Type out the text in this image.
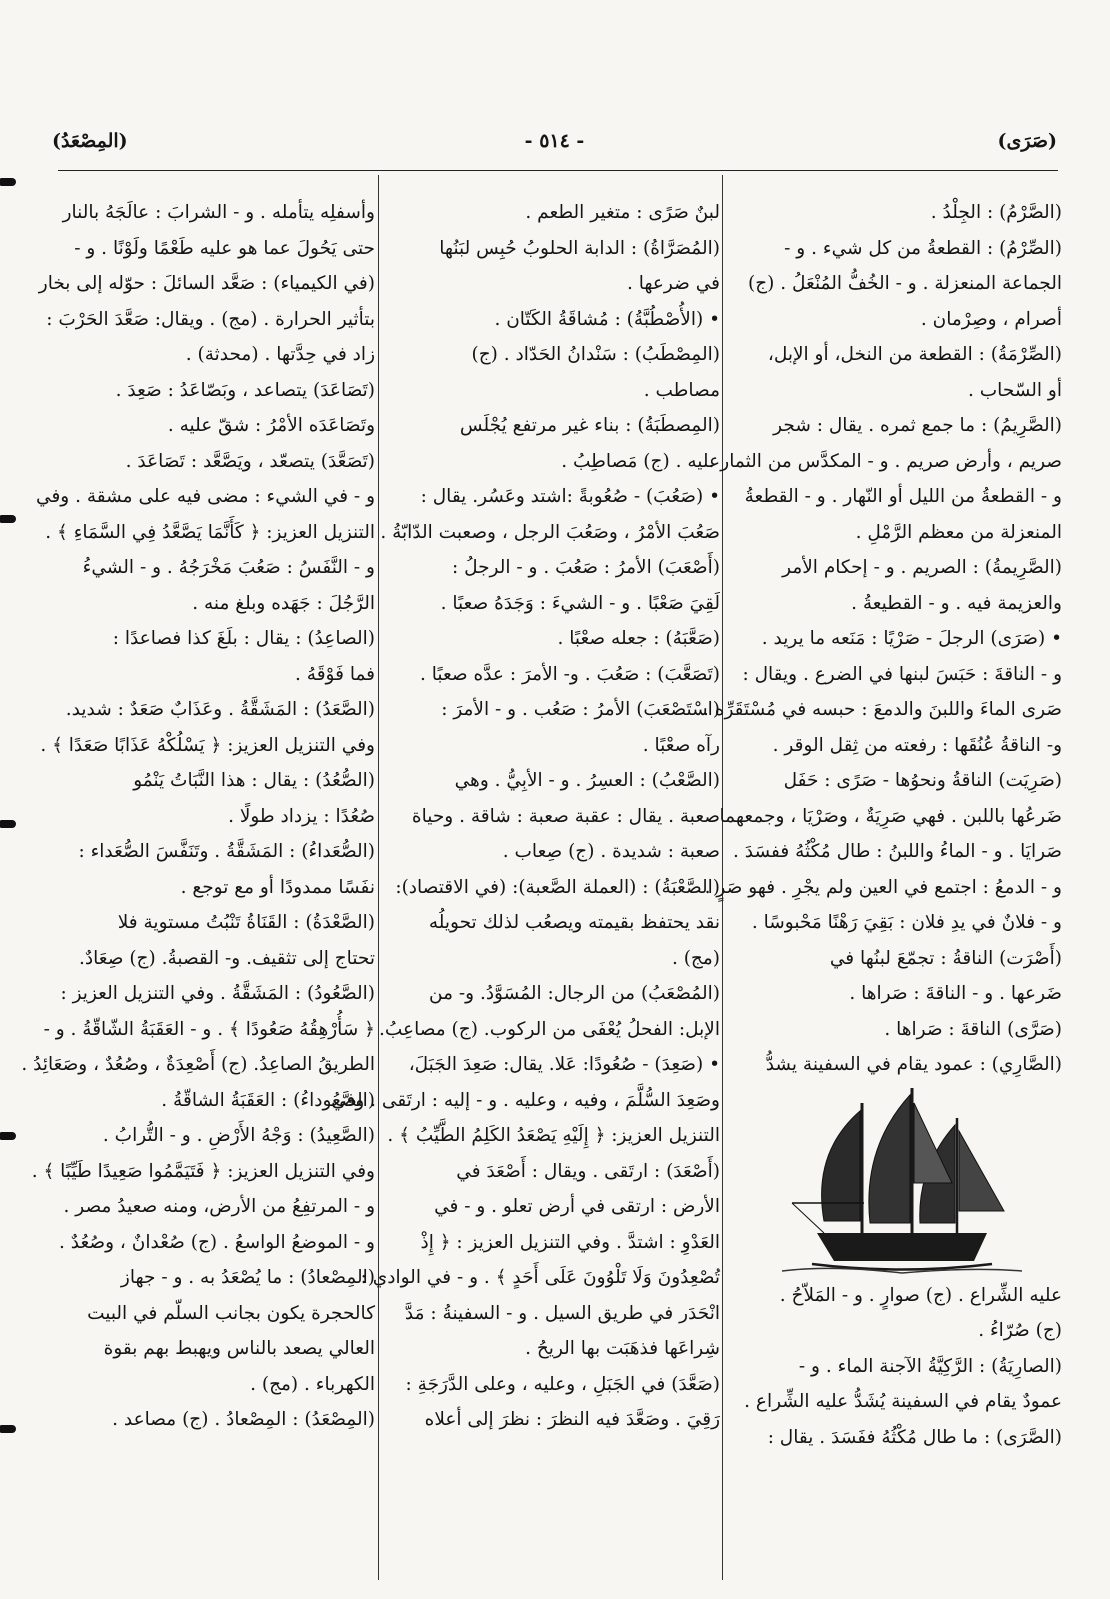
(صَرَى)
- ٥١٤ -
(المِصْعَدُ)
(الصَّرْمُ) : الجِلْدُ .
(الصِّرْمُ) : القطعةُ من كل شيء . و -
الجماعة المنعزلة . و - الخُفُّ المُنْعَلُ . (ج)
أصرام ، وصِرْمان .
(الصِّرْمَةُ) : القطعة من النخل، أو الإبل،
أو السّحاب .
(الصَّرِيمُ) : ما جمع ثمره . يقال : شجر
صريم ، وأرض صريم . و - المكدَّس من الثمار .
و - القطعةُ من الليل أو النّهار . و - القطعةُ
المنعزلة من معظم الرَّمْلِ .
(الصَّرِيمةُ) : الصريم . و - إحكام الأمر
والعزيمة فيه . و - القطيعةُ .
• (صَرَى) الرجلَ - صَرْيًا : مَنَعه ما يريد .
و - الناقةَ : حَبَسَ لبنها في الضرع . ويقال :
صَرى الماءَ واللبنَ والدمعَ : حبسه في مُسْتَقَرِّه .
و- الناقةُ عُنُقَها : رفعته من ثِقل الوقر .
(صَرِيَت) الناقةُ ونحوُها - صَرًى : حَفَل
ضَرعُها باللبن . فهي صَرِيَةٌ ، وصَرْيَا ، وجمعهما
صَرايَا . و - الماءُ واللبنُ : طال مُكْثُهُ ففسَدَ .
و - الدمعُ : اجتمع في العين ولم يجْرِ . فهو صَرٍ .
و - فلانٌ في يدِ فلان : بَقِيَ رَهْنًا مَحْبوسًا .
(أَصْرَت) الناقةُ : تجمّعَ لبنُها في
ضَرعها . و - الناقةَ : صَراها .
(صَرَّى) الناقةَ : صَراها .
(الصَّارِي) : عمود يقام في السفينة يشدُّ
عليه الشِّراع . (ج) صوارٍ . و - المَلاّحُ .
(ج) صُرّاءُ .
(الصارِيَةُ) : الرَّكِيَّةُ الآجنة الماء . و -
عمودٌ يقام في السفينة يُشَدُّ عليه الشِّراع .
(الصَّرَى) : ما طال مُكْثُهُ ففَسَدَ . يقال :
لبنٌ صَرًى : متغير الطعم .
(المُصَرَّاةُ) : الدابة الحلوبُ حُبِس لبَنُها
في ضرعها .
• (الأُصْطُبَّةُ) : مُشاقَةُ الكَتّان .
(المِصْطَبُ) : سَنْدانُ الحَدّاد . (ج)
مصاطب .
(المِصطَبَةُ) : بناء غير مرتفع يُجْلَس
عليه . (ج) مَصاطِبُ .
• (صَعُبَ) - صُعُوبةً :اشتد وعَسُر. يقال :
صَعُبَ الأمْرُ ، وصَعُبَ الرجل ، وصعبت الدّابّةُ .
(أَصْعَبَ) الأمرُ : صَعُبَ . و - الرجلُ :
لَقِيَ صَعْبًا . و - الشيءَ : وَجَدَهُ صعبًا .
(صَعَّبَهُ) : جعله صعْبًا .
(تَصَعَّبَ) : صَعُبَ . و- الأمرَ : عدَّه صعبًا .
(اسْتَصْعَبَ) الأمرُ : صَعُب . و - الأمرَ :
رآه صعْبًا .
(الصَّعْبُ) : العسِرُ . و - الأبِيُّ . وهي
صعبة . يقال : عقبة صعبة : شاقة . وحياة
صعبة : شديدة . (ج) صِعاب .
(الصَّعْبَةُ) : (العملة الصَّعبة): (في الاقتصاد):
نقد يحتفظ بقيمته ويصعُب لذلك تحويلُه
(مج) .
(المُصْعَبُ) من الرجال: المُسَوَّدُ. و- من
الإبل: الفحلُ يُعْفَى من الركوب. (ج) مصاعِبُ.
• (صَعِدَ) - صُعُودًا: عَلا. يقال: صَعِدَ الجَبَلَ،
وصَعِدَ السُّلَّمَ ، وفيه ، وعليه . و - إليه : ارتَقى . وفي
التنزيل العزيز: ﴿ إِلَيْهِ يَصْعَدُ الكَلِمُ الطَّيِّبُ ﴾ .
(أَصْعَدَ) : ارتَقى . ويقال : أَصْعَدَ في
الأرض : ارتقى في أرض تعلو . و - في
العَدْوِ : اشتدَّ . وفي التنزيل العزيز : ﴿ إِذْ
تُصْعِدُونَ وَلَا تَلْوُونَ عَلَى أَحَدٍ ﴾ . و - في الوادي :
انْحَدَر في طريق السيل . و - السفينةُ : مَدَّ
شِراعَها فذهَبَت بها الريحُ .
(صَعَّدَ) في الجَبَلِ ، وعليه ، وعلى الدَّرَجَةِ :
رَقِيَ . وصَعَّدَ فيه النظرَ : نظرَ إلى أعلاه
وأسفلِه يتأمله . و - الشرابَ : عالَجَهُ بالنار
حتى يَحُولَ عما هو عليه طَعْمًا ولَوْنًا . و -
(في الكيمياء) : صَعَّد السائلَ : حوّله إلى بخار
بتأثير الحرارة . (مج) . ويقال: صَعَّدَ الحَرْبَ :
زاد في حِدَّتها . (محدثة) .
(تَصَاعَدَ) يتصاعد ، وبَصّاعَدُ : صَعِدَ .
وتَصَاعَدَه الأمْرُ : شقّ عليه .
(تَصَعَّدَ) يتصعّد ، ويَصَّعَّد : تَصَاعَدَ .
و - في الشيء : مضى فيه على مشقة . وفي
التنزيل العزيز: ﴿ كَأَنَّمَا يَصَّعَّدُ فِي السَّمَاءِ ﴾ .
و - النَّفَسُ : صَعُبَ مَخْرَجُهُ . و - الشيءُ
الرَّجُلَ : جَهَده وبلغ منه .
(الصاعِدُ) : يقال : بلَغَ كذا فصاعدًا :
فما فَوْقَهُ .
(الصَّعَدُ) : المَشَقَّةُ . وعَذَابٌ صَعَدٌ : شديد.
وفي التنزيل العزيز: ﴿ يَسْلُكْهُ عَذَابًا صَعَدًا ﴾ .
(الصُّعُدُ) : يقال : هذا النَّبَاتُ يَنْمُو
صُعُدًا : يزداد طولًا .
(الصُّعَداءُ) : المَشَقَّةُ . وتَنَفَّسَ الصُّعَداء :
نفَسًا ممدودًا أو مع توجع .
(الصَّعْدَةُ) : القَنَاةُ تَنْبُتُ مستوية فلا
تحتاج إلى تثقيف. و- القصبةُ. (ج) صِعَادٌ.
(الصَّعُودُ) : المَشَقَّةُ . وفي التنزيل العزيز :
﴿ سَأُرْهِقُهُ صَعُودًا ﴾ . و - العَقَبَةُ الشّاقّةُ . و -
الطريقُ الصاعِدُ. (ج) أَصْعِدَةٌ ، وصُعُدٌ ، وصَعَائِدُ .
(الصَّعُوداءُ) : العَقَبَةُ الشاقّةُ .
(الصَّعِيدُ) : وَجْهُ الأَرْضِ . و - التُّرابُ .
وفي التنزيل العزيز: ﴿ فَتَيَمَّمُوا صَعِيدًا طَيِّبًا ﴾ .
و - المرتفِعُ من الأرض، ومنه صعيدُ مصر .
و - الموضعُ الواسعُ . (ج) صُعْدانٌ ، وصُعُدٌ .
(المِصْعادُ) : ما يُصْعَدُ به . و - جهاز
كالحجرة يكون بجانب السلّم في البيت
العالي يصعد بالناس ويهبط بهم بقوة
الكهرباء . (مج) .
(المِصْعَدُ) : المِصْعادُ . (ج) مصاعد .
